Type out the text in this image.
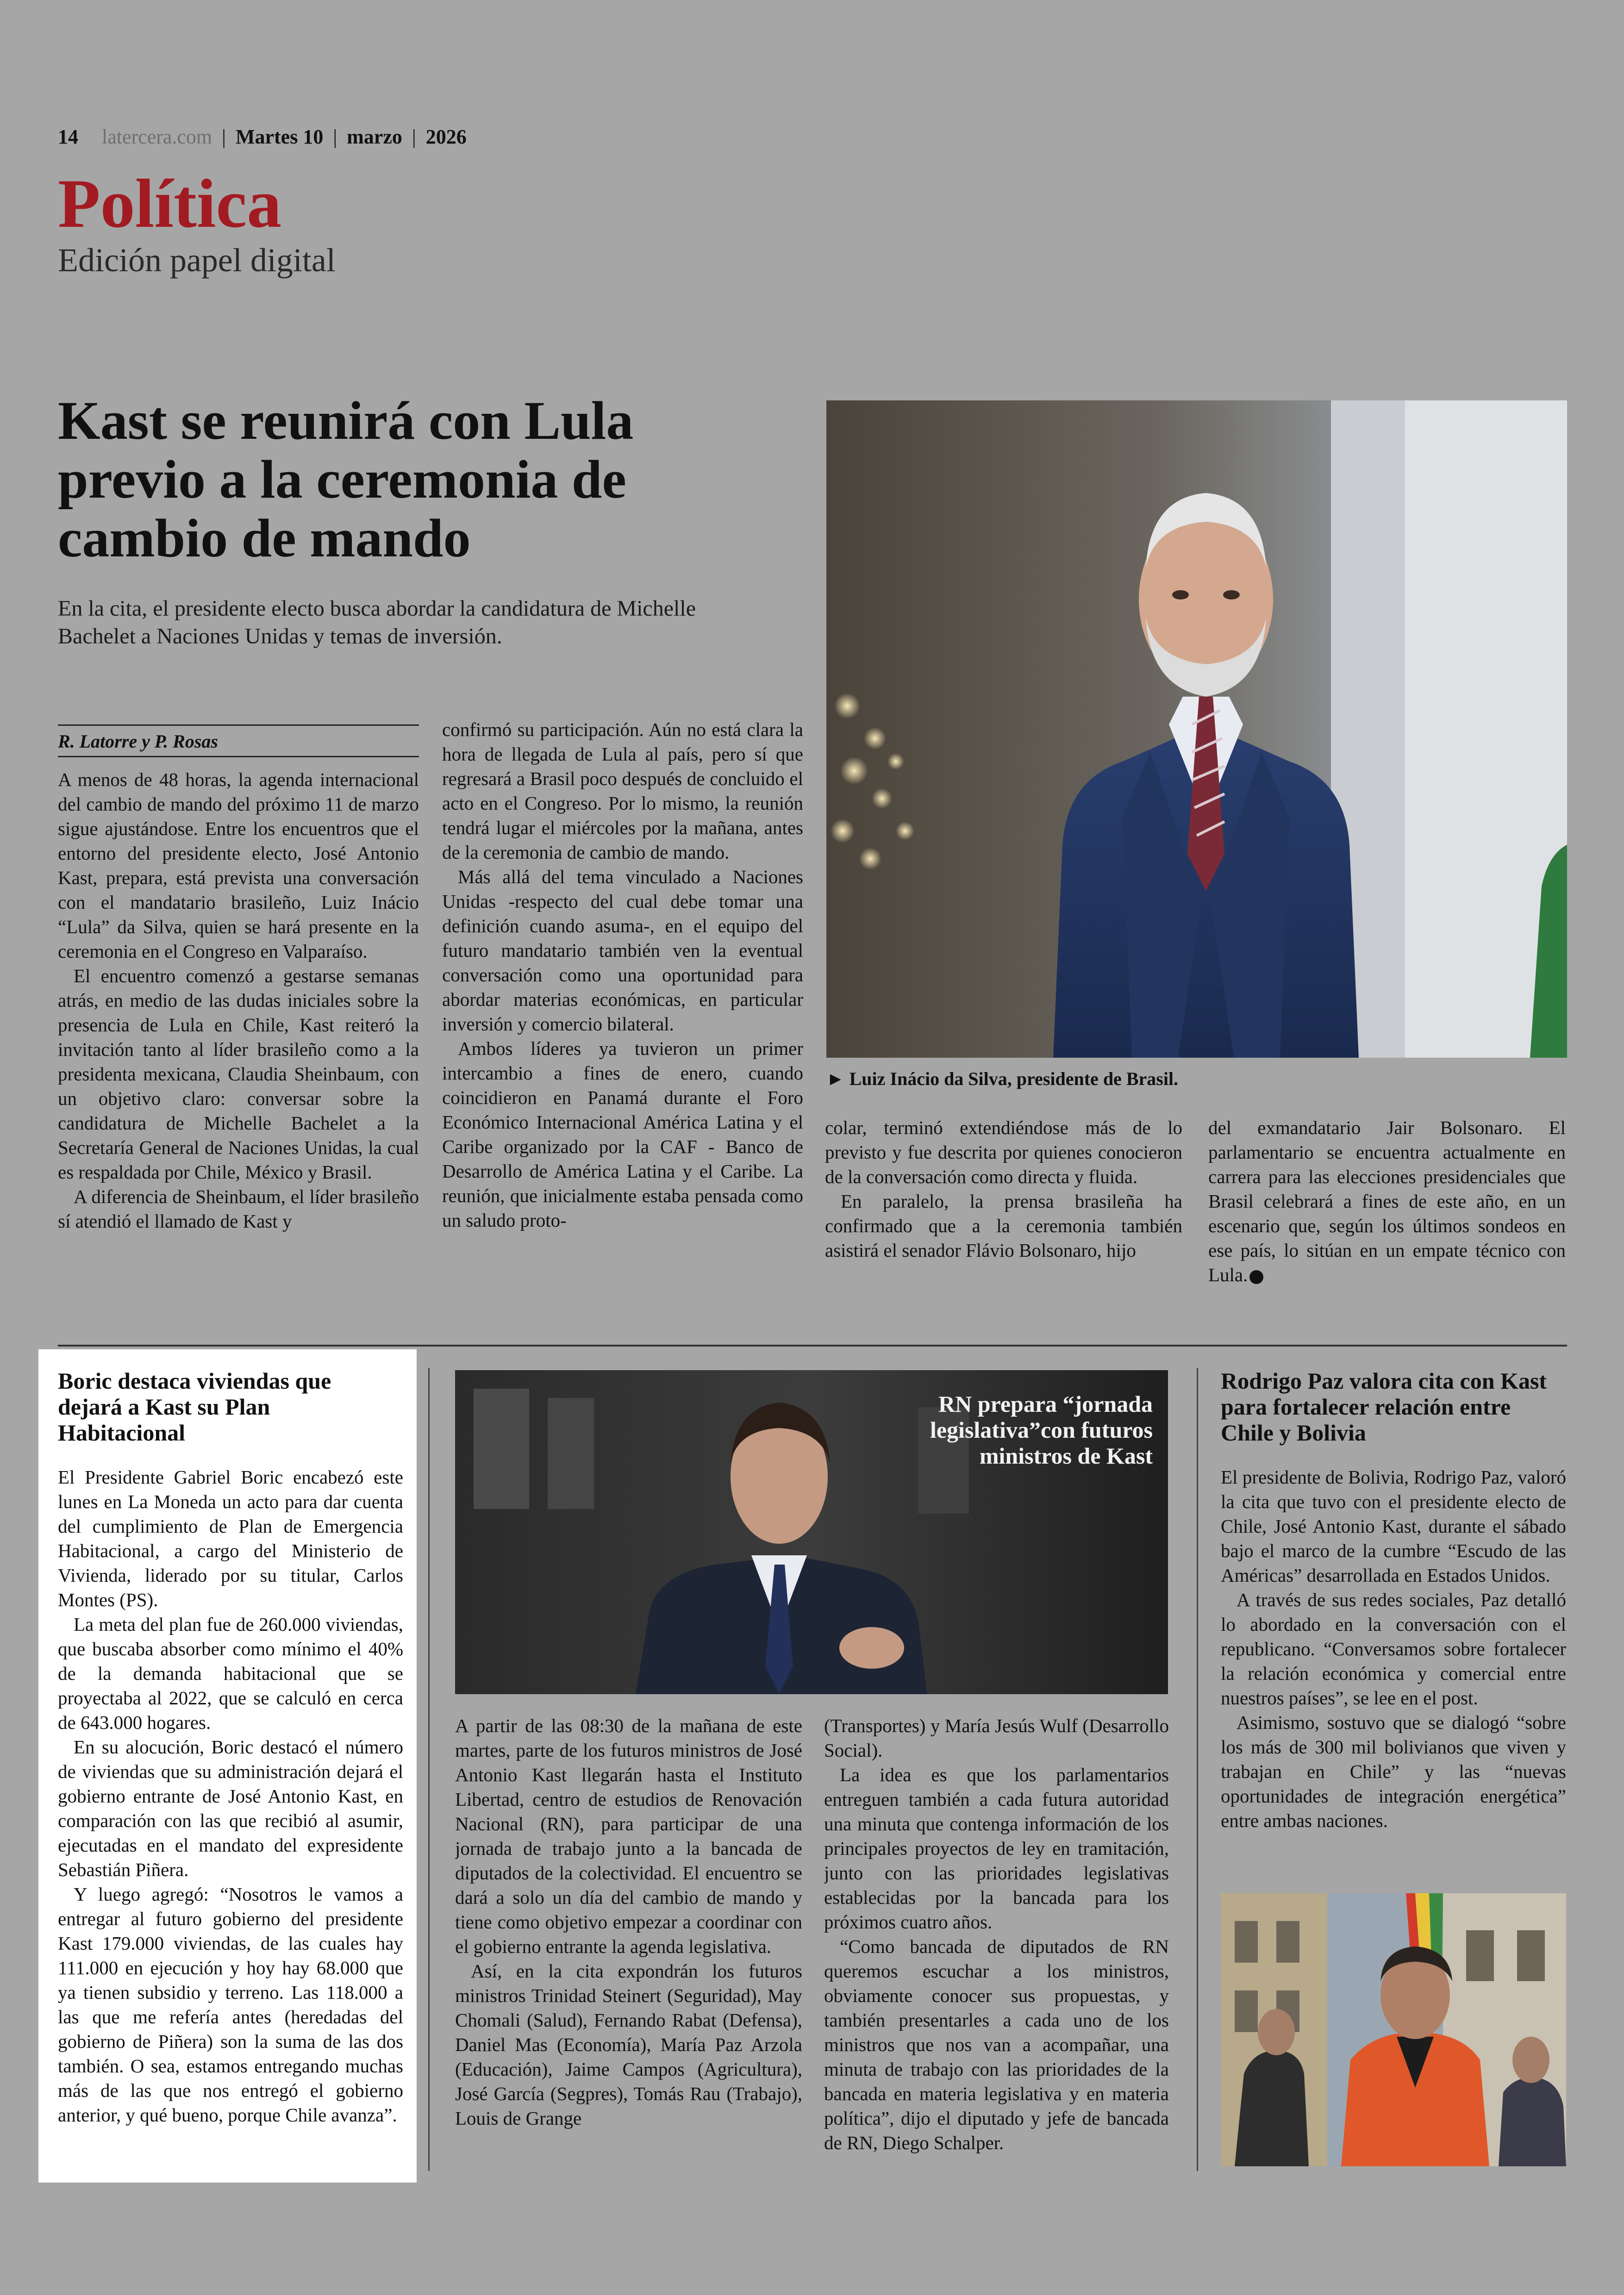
14 latercera.com | Martes 10 | marzo | 2026
Política
Edición papel digital
Kast se reunirá con Lula previo a la ceremonia de cambio de mando
En la cita, el presidente electo busca abordar la candidatura de Michelle Bachelet a Naciones Unidas y temas de inversión.
R. Latorre y P. Rosas

A menos de 48 horas, la agenda internacional del cambio de mando del próximo 11 de marzo sigue ajustándose. Entre los encuentros que el entorno del presidente electo, José Antonio Kast, prepara, está prevista una conversación con el mandatario brasileño, Luiz Inácio “Lula” da Silva, quien se hará presente en la ceremonia en el Congreso en Valparaíso.

El encuentro comenzó a gestarse semanas atrás, en medio de las dudas iniciales sobre la presencia de Lula en Chile, Kast reiteró la invitación tanto al líder brasileño como a la presidenta mexicana, Claudia Sheinbaum, con un objetivo claro: conversar sobre la candidatura de Michelle Bachelet a la Secretaría General de Naciones Unidas, la cual es respaldada por Chile, México y Brasil.

A diferencia de Sheinbaum, el líder brasileño sí atendió el llamado de Kast y

confirmó su participación. Aún no está clara la hora de llegada de Lula al país, pero sí que regresará a Brasil poco después de concluido el acto en el Congreso. Por lo mismo, la reunión tendrá lugar el miércoles por la mañana, antes de la ceremonia de cambio de mando.

Más allá del tema vinculado a Naciones Unidas -respecto del cual debe tomar una definición cuando asuma-, en el equipo del futuro mandatario también ven la eventual conversación como una oportunidad para abordar materias económicas, en particular inversión y comercio bilateral.

Ambos líderes ya tuvieron un primer intercambio a fines de enero, cuando coincidieron en Panamá durante el Foro Económico Internacional América Latina y el Caribe organizado por la CAF - Banco de Desarrollo de América Latina y el Caribe. La reunión, que inicialmente estaba pensada como un saludo proto-

► Luiz Inácio da Silva, presidente de Brasil.

colar, terminó extendiéndose más de lo previsto y fue descrita por quienes conocieron de la conversación como directa y fluida.

En paralelo, la prensa brasileña ha confirmado que a la ceremonia también asistirá el senador Flávio Bolsonaro, hijo

del exmandatario Jair Bolsonaro. El parlamentario se encuentra actualmente en carrera para las elecciones presidenciales que Brasil celebrará a fines de este año, en un escenario que, según los últimos sondeos en ese país, lo sitúan en un empate técnico con Lula.

Boric destaca viviendas que dejará a Kast su Plan Habitacional

El Presidente Gabriel Boric encabezó este lunes en La Moneda un acto para dar cuenta del cumplimiento de Plan de Emergencia Habitacional, a cargo del Ministerio de Vivienda, liderado por su titular, Carlos Montes (PS).

La meta del plan fue de 260.000 viviendas, que buscaba absorber como mínimo el 40% de la demanda habitacional que se proyectaba al 2022, que se calculó en cerca de 643.000 hogares.

En su alocución, Boric destacó el número de viviendas que su administración dejará el gobierno entrante de José Antonio Kast, en comparación con las que recibió al asumir, ejecutadas en el mandato del expresidente Sebastián Piñera.

Y luego agregó: “Nosotros le vamos a entregar al futuro gobierno del presidente Kast 179.000 viviendas, de las cuales hay 111.000 en ejecución y hoy hay 68.000 que ya tienen subsidio y terreno. Las 118.000 a las que me refería antes (heredadas del gobierno de Piñera) son la suma de las dos también. O sea, estamos entregando muchas más de las que nos entregó el gobierno anterior, y qué bueno, porque Chile avanza”.

RN prepara “jornada legislativa”con futuros ministros de Kast

A partir de las 08:30 de la mañana de este martes, parte de los futuros ministros de José Antonio Kast llegarán hasta el Instituto Libertad, centro de estudios de Renovación Nacional (RN), para participar de una jornada de trabajo junto a la bancada de diputados de la colectividad. El encuentro se dará a solo un día del cambio de mando y tiene como objetivo empezar a coordinar con el gobierno entrante la agenda legislativa.

Así, en la cita expondrán los futuros ministros Trinidad Steinert (Seguridad), May Chomali (Salud), Fernando Rabat (Defensa), Daniel Mas (Economía), María Paz Arzola (Educación), Jaime Campos (Agricultura), José García (Segpres), Tomás Rau (Trabajo), Louis de Grange

(Transportes) y María Jesús Wulf (Desarrollo Social).

La idea es que los parlamentarios entreguen también a cada futura autoridad una minuta que contenga información de los principales proyectos de ley en tramitación, junto con las prioridades legislativas establecidas por la bancada para los próximos cuatro años.

“Como bancada de diputados de RN queremos escuchar a los ministros, obviamente conocer sus propuestas, y también presentarles a cada uno de los ministros que nos van a acompañar, una minuta de trabajo con las prioridades de la bancada en materia legislativa y en materia política”, dijo el diputado y jefe de bancada de RN, Diego Schalper.

Rodrigo Paz valora cita con Kast para fortalecer relación entre Chile y Bolivia

El presidente de Bolivia, Rodrigo Paz, valoró la cita que tuvo con el presidente electo de Chile, José Antonio Kast, durante el sábado bajo el marco de la cumbre “Escudo de las Américas” desarrollada en Estados Unidos.

A través de sus redes sociales, Paz detalló lo abordado en la conversación con el republicano. “Conversamos sobre fortalecer la relación económica y comercial entre nuestros países”, se lee en el post.

Asimismo, sostuvo que se dialogó “sobre los más de 300 mil bolivianos que viven y trabajan en Chile” y las “nuevas oportunidades de integración energética” entre ambas naciones.
